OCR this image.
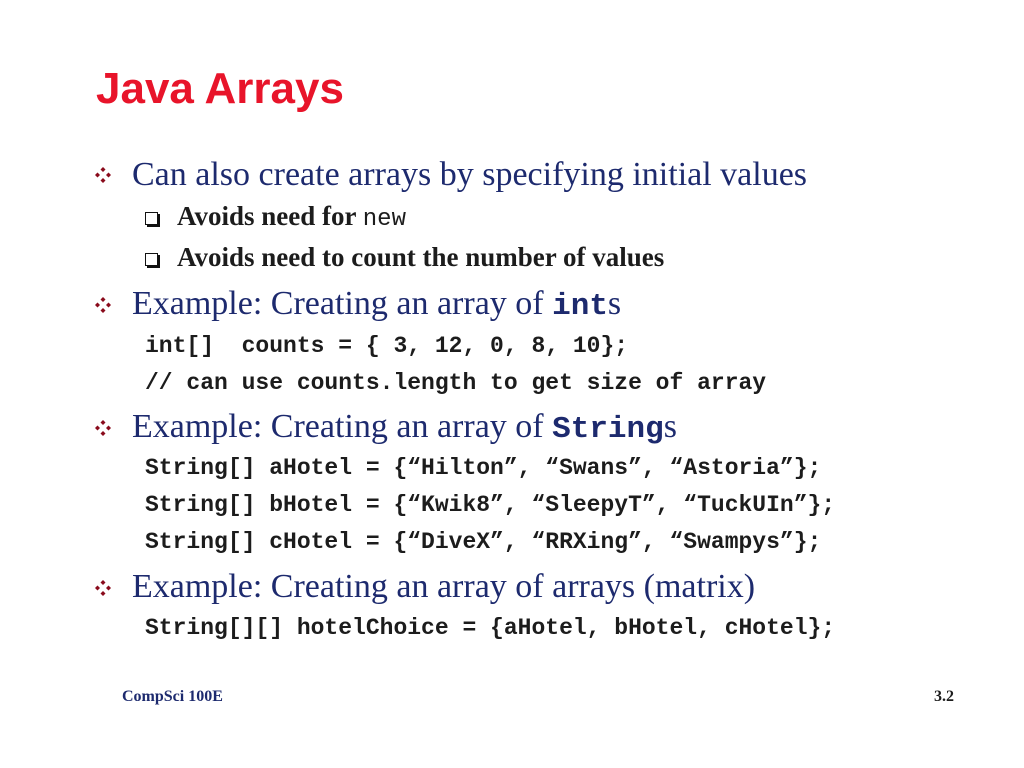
Java Arrays
Can also create arrays by specifying initial values
Avoids need for new
Avoids need to count the number of values
Example: Creating an array of ints
int[]  counts = { 3, 12, 0, 8, 10};
// can use counts.length to get size of array
Example: Creating an array of Strings
String[] aHotel = {“Hilton”, “Swans”, “Astoria”};
String[] bHotel = {“Kwik8”, “SleepyT”, “TuckUIn”};
String[] cHotel = {“DiveX”, “RRXing”, “Swampys”};
Example: Creating an array of arrays (matrix)
String[][] hotelChoice = {aHotel, bHotel, cHotel};
CompSci 100E	3.2
